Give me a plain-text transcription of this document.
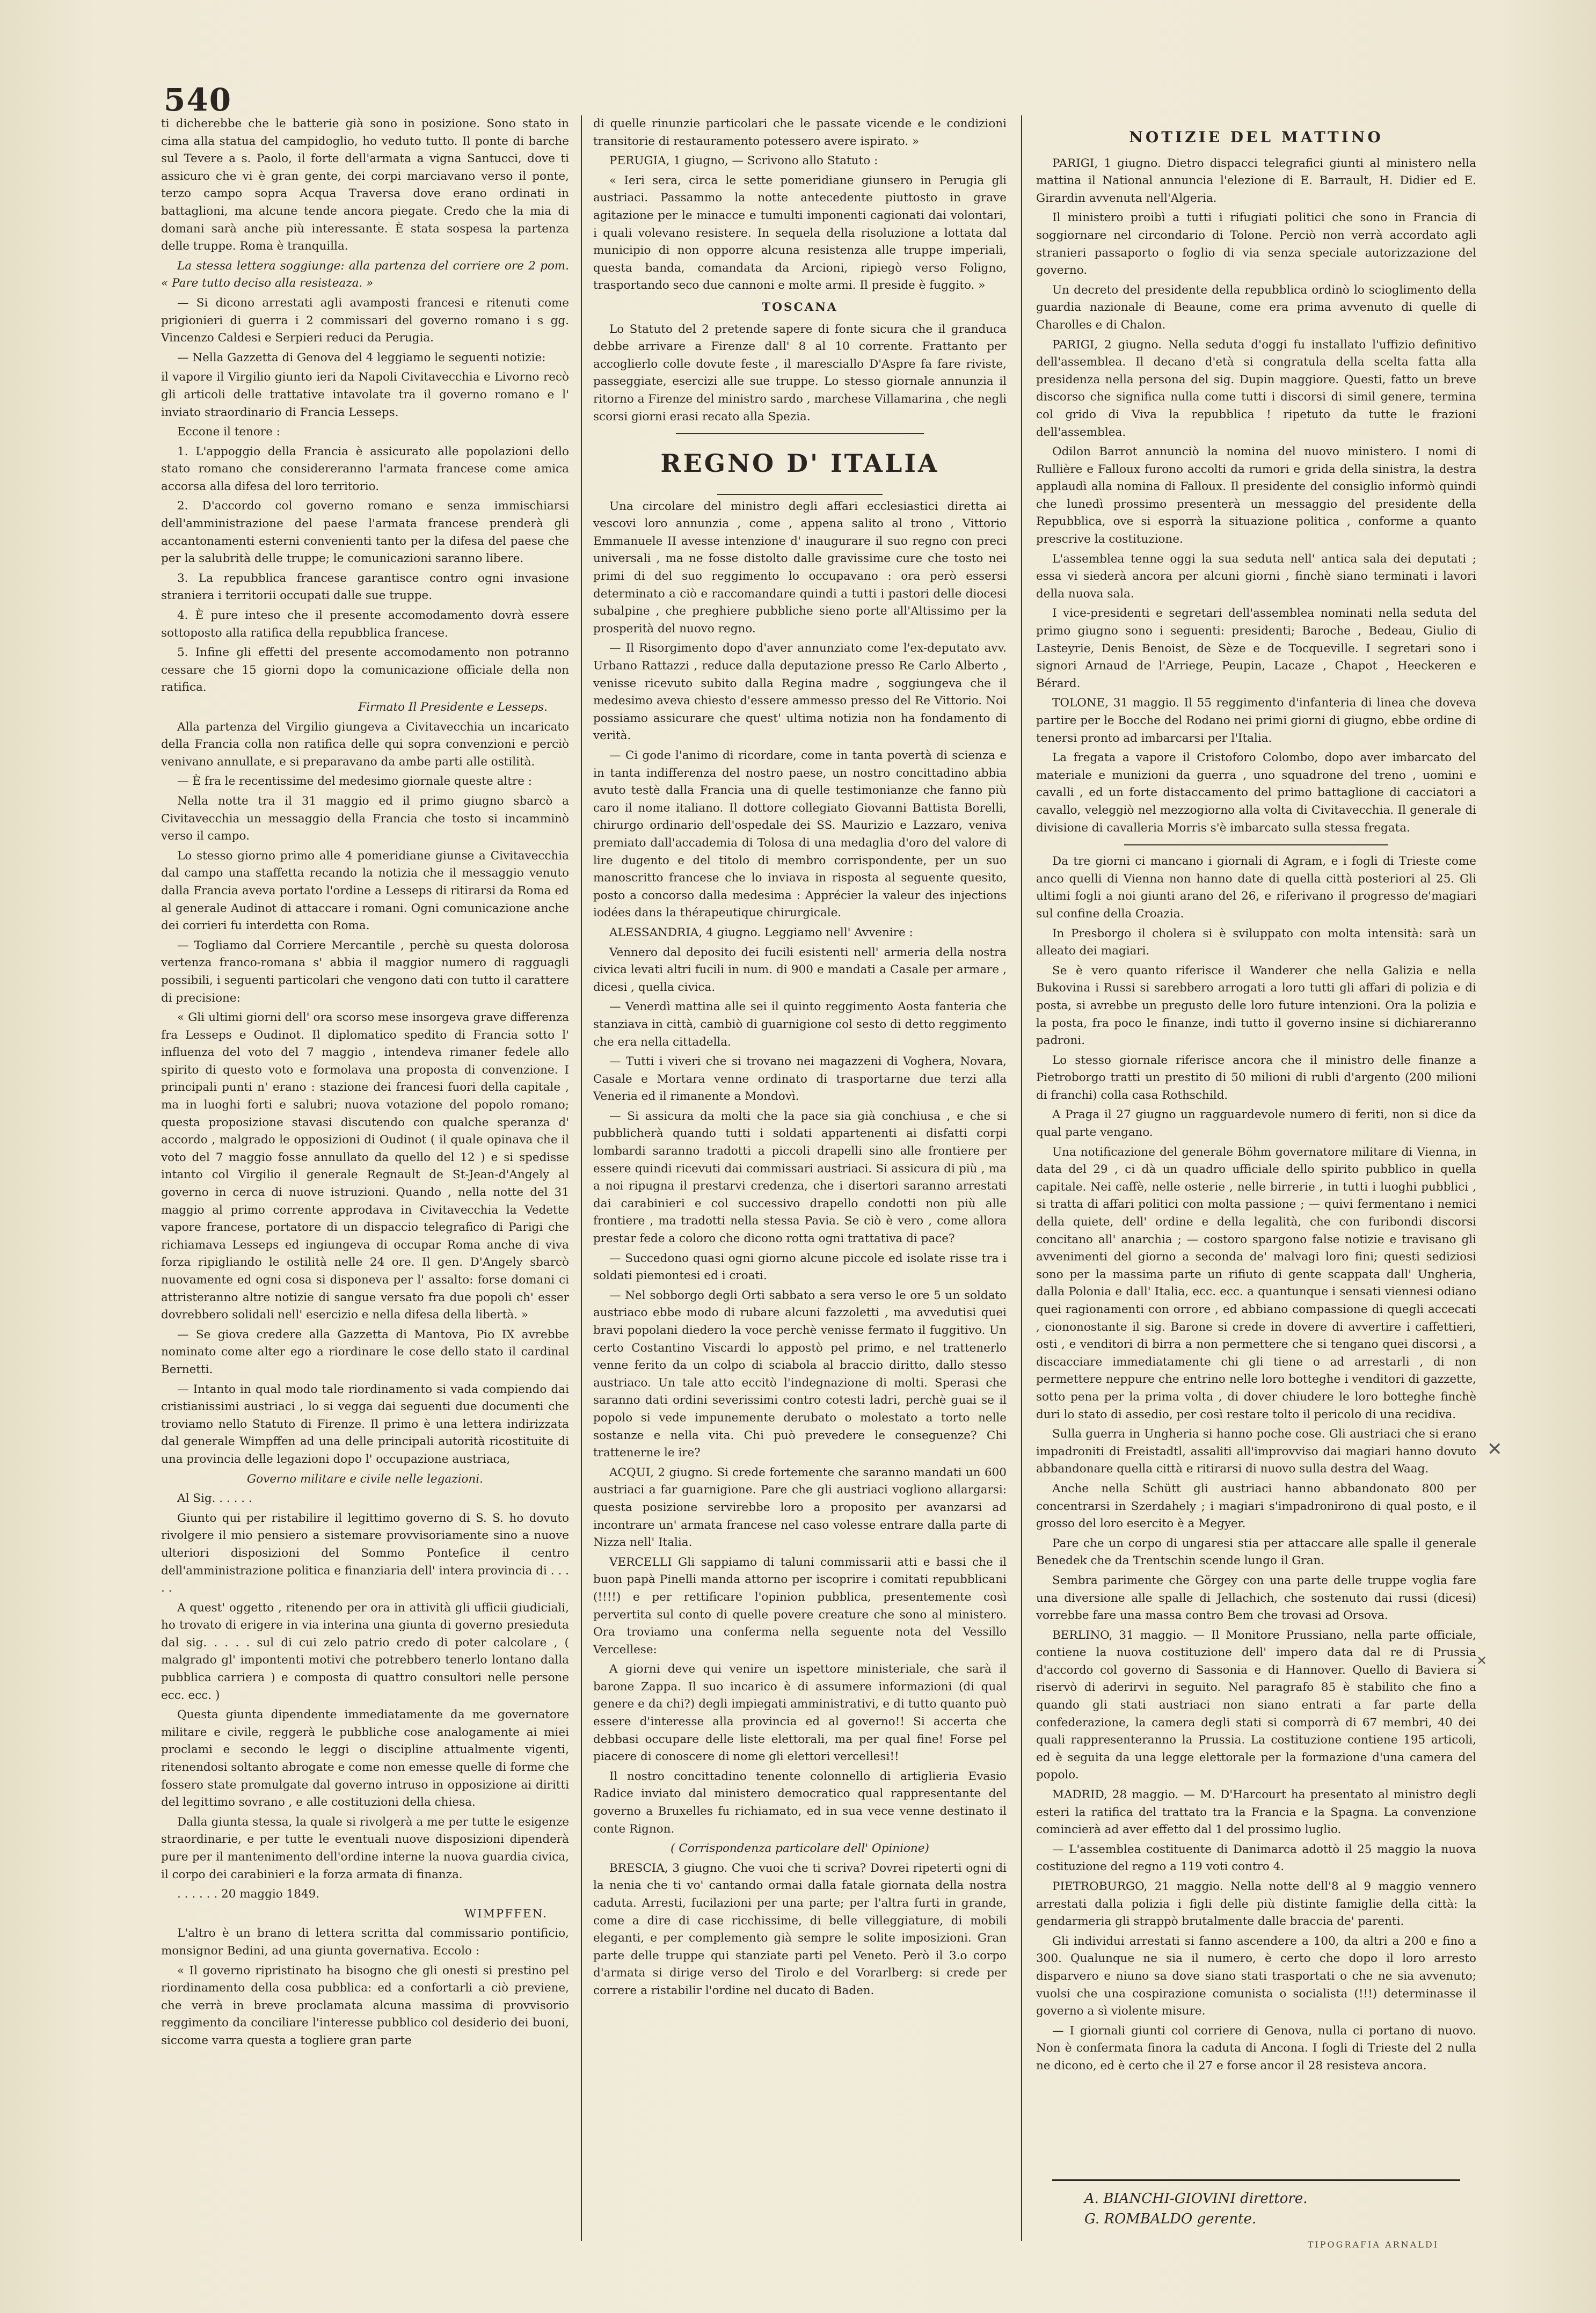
540

ti dicherebbe che le batterie già sono in posizione. Sono stato in cima alla statua del campidoglio, ho veduto tutto. Il ponte di barche sul Tevere a s. Paolo, il forte dell'armata a vigna Santucci, dove ti assicuro che vi è gran gente, dei corpi marciavano verso il ponte, terzo campo sopra Acqua Traversa dove erano ordinati in battaglioni, ma alcune tende ancora piegate. Credo che la mia di domani sarà anche più interessante. È stata sospesa la partenza delle truppe. Roma è tranquilla.

La stessa lettera soggiunge: alla partenza del corriere ore 2 pom. « Pare tutto deciso alla resisteaza. »

— Si dicono arrestati agli avamposti francesi e ritenuti come prigionieri di guerra i 2 commissari del governo romano i s gg. Vincenzo Caldesi e Serpieri reduci da Perugia.

— Nella Gazzetta di Genova del 4 leggiamo le seguenti notizie:

il vapore il Virgilio giunto ieri da Napoli Civitavecchia e Livorno recò gli articoli delle trattative intavolate tra il governo romano e l' inviato straordinario di Francia Lesseps.

Eccone il tenore :

1. L'appoggio della Francia è assicurato alle popolazioni dello stato romano che considereranno l'armata francese come amica accorsa alla difesa del loro territorio.

2. D'accordo col governo romano e senza immischiarsi dell'amministrazione del paese l'armata francese prenderà gli accantonamenti esterni convenienti tanto per la difesa del paese che per la salubrità delle truppe; le comunicazioni saranno libere.

3. La repubblica francese garantisce contro ogni invasione straniera i territorii occupati dalle sue truppe.

4. È pure inteso che il presente accomodamento dovrà essere sottoposto alla ratifica della repubblica francese.

5. Infine gli effetti del presente accomodamento non potranno cessare che 15 giorni dopo la comunicazione officiale della non ratifica.

Firmato Il Presidente e Lesseps.

Alla partenza del Virgilio giungeva a Civitavecchia un incaricato della Francia colla non ratifica delle qui sopra convenzioni e perciò venivano annullate, e si preparavano da ambe parti alle ostilità.

— È fra le recentissime del medesimo giornale queste altre :

Nella notte tra il 31 maggio ed il primo giugno sbarcò a Civitavecchia un messaggio della Francia che tosto si incamminò verso il campo.

Lo stesso giorno primo alle 4 pomeridiane giunse a Civitavecchia dal campo una staffetta recando la notizia che il messaggio venuto dalla Francia aveva portato l'ordine a Lesseps di ritirarsi da Roma ed al generale Audinot di attaccare i romani. Ogni comunicazione anche dei corrieri fu interdetta con Roma.

— Togliamo dal Corriere Mercantile , perchè su questa dolorosa vertenza franco-romana s' abbia il maggior numero di ragguagli possibili, i seguenti particolari che vengono dati con tutto il carattere di precisione:

« Gli ultimi giorni dell' ora scorso mese insorgeva grave differenza fra Lesseps e Oudinot. Il diplomatico spedito di Francia sotto l' influenza del voto del 7 maggio , intendeva rimaner fedele allo spirito di questo voto e formolava una proposta di convenzione. I principali punti n' erano : stazione dei francesi fuori della capitale , ma in luoghi forti e salubri; nuova votazione del popolo romano; questa proposizione stavasi discutendo con qualche speranza d' accordo , malgrado le opposizioni di Oudinot ( il quale opinava che il voto del 7 maggio fosse annullato da quello del 12 ) e si spedisse intanto col Virgilio il generale Regnault de St-Jean-d'Angely al governo in cerca di nuove istruzioni. Quando , nella notte del 31 maggio al primo corrente approdava in Civitavecchia la Vedette vapore francese, portatore di un dispaccio telegrafico di Parigi che richiamava Lesseps ed ingiungeva di occupar Roma anche di viva forza ripigliando le ostilità nelle 24 ore. Il gen. D'Angely sbarcò nuovamente ed ogni cosa si disponeva per l' assalto: forse domani ci attristeranno altre notizie di sangue versato fra due popoli ch' esser dovrebbero solidali nell' esercizio e nella difesa della libertà. »

— Se giova credere alla Gazzetta di Mantova, Pio IX avrebbe nominato come alter ego a riordinare le cose dello stato il cardinal Bernetti.

— Intanto in qual modo tale riordinamento si vada compiendo dai cristianissimi austriaci , lo si vegga dai seguenti due documenti che troviamo nello Statuto di Firenze. Il primo è una lettera indirizzata dal generale Wimpffen ad una delle principali autorità ricostituite di una provincia delle legazioni dopo l' occupazione austriaca,

Governo militare e civile nelle legazioni.

Al Sig. . . . . .

Giunto qui per ristabilire il legittimo governo di S. S. ho dovuto rivolgere il mio pensiero a sistemare provvisoriamente sino a nuove ulteriori disposizioni del Sommo Pontefice il centro dell'amministrazione politica e finanziaria dell' intera provincia di . . . . .

A quest' oggetto , ritenendo per ora in attività gli ufficii giudiciali, ho trovato di erigere in via interina una giunta di governo presieduta dal sig. . . . . sul di cui zelo patrio credo di poter calcolare , ( malgrado gl' impontenti motivi che potrebbero tenerlo lontano dalla pubblica carriera ) e composta di quattro consultori nelle persone ecc. ecc. )

Questa giunta dipendente immediatamente da me governatore militare e civile, reggerà le pubbliche cose analogamente ai miei proclami e secondo le leggi o discipline attualmente vigenti, ritenendosi soltanto abrogate e come non emesse quelle di forme che fossero state promulgate dal governo intruso in opposizione ai diritti del legittimo sovrano , e alle costituzioni della chiesa.

Dalla giunta stessa, la quale si rivolgerà a me per tutte le esigenze straordinarie, e per tutte le eventuali nuove disposizioni dipenderà pure per il mantenimento dell'ordine interne la nuova guardia civica, il corpo dei carabinieri e la forza armata di finanza.

. . . . . . 20 maggio 1849.

WIMPFFEN.

L'altro è un brano di lettera scritta dal commissario pontificio, monsignor Bedini, ad una giunta governativa. Eccolo :

« Il governo ripristinato ha bisogno che gli onesti si prestino pel riordinamento della cosa pubblica: ed a confortarli a ciò previene, che verrà in breve proclamata alcuna massima di provvisorio reggimento da conciliare l'interesse pubblico col desiderio dei buoni, siccome varra questa a togliere gran parte

di quelle rinunzie particolari che le passate vicende e le condizioni transitorie di restauramento potessero avere ispirato. »

PERUGIA, 1 giugno, — Scrivono allo Statuto :

« Ieri sera, circa le sette pomeridiane giunsero in Perugia gli austriaci. Passammo la notte antecedente piuttosto in grave agitazione per le minacce e tumulti imponenti cagionati dai volontari, i quali volevano resistere. In sequela della risoluzione a lottata dal municipio di non opporre alcuna resistenza alle truppe imperiali, questa banda, comandata da Arcioni, ripiegò verso Foligno, trasportando seco due cannoni e molte armi. Il preside è fuggito. »

TOSCANA

Lo Statuto del 2 pretende sapere di fonte sicura che il granduca debbe arrivare a Firenze dall' 8 al 10 corrente. Frattanto per accoglierlo colle dovute feste , il maresciallo D'Aspre fa fare riviste, passeggiate, esercizi alle sue truppe. Lo stesso giornale annunzia il ritorno a Firenze del ministro sardo , marchese Villamarina , che negli scorsi giorni erasi recato alla Spezia.

REGNO D' ITALIA

Una circolare del ministro degli affari ecclesiastici diretta ai vescovi loro annunzia , come , appena salito al trono , Vittorio Emmanuele II avesse intenzione d' inaugurare il suo regno con preci universali , ma ne fosse distolto dalle gravissime cure che tosto nei primi di del suo reggimento lo occupavano : ora però essersi determinato a ciò e raccomandare quindi a tutti i pastori delle diocesi subalpine , che preghiere pubbliche sieno porte all'Altissimo per la prosperità del nuovo regno.

— Il Risorgimento dopo d'aver annunziato come l'ex-deputato avv. Urbano Rattazzi , reduce dalla deputazione presso Re Carlo Alberto , venisse ricevuto subito dalla Regina madre , soggiungeva che il medesimo aveva chiesto d'essere ammesso presso del Re Vittorio. Noi possiamo assicurare che quest' ultima notizia non ha fondamento di verità.

— Ci gode l'animo di ricordare, come in tanta povertà di scienza e in tanta indifferenza del nostro paese, un nostro concittadino abbia avuto testè dalla Francia una di quelle testimonianze che fanno più caro il nome italiano. Il dottore collegiato Giovanni Battista Borelli, chirurgo ordinario dell'ospedale dei SS. Maurizio e Lazzaro, veniva premiato dall'accademia di Tolosa di una medaglia d'oro del valore di lire dugento e del titolo di membro corrispondente, per un suo manoscritto francese che lo inviava in risposta al seguente quesito, posto a concorso dalla medesima : Apprécier la valeur des injections iodées dans la thérapeutique chirurgicale.

ALESSANDRIA, 4 giugno. Leggiamo nell' Avvenire :

Vennero dal deposito dei fucili esistenti nell' armeria della nostra civica levati altri fucili in num. di 900 e mandati a Casale per armare , dicesi , quella civica.

— Venerdì mattina alle sei il quinto reggimento Aosta fanteria che stanziava in città, cambiò di guarnigione col sesto di detto reggimento che era nella cittadella.

— Tutti i viveri che si trovano nei magazzeni di Voghera, Novara, Casale e Mortara venne ordinato di trasportarne due terzi alla Veneria ed il rimanente a Mondovì.

— Si assicura da molti che la pace sia già conchiusa , e che si pubblicherà quando tutti i soldati appartenenti ai disfatti corpi lombardi saranno tradotti a piccoli drapelli sino alle frontiere per essere quindi ricevuti dai commissari austriaci. Si assicura di più , ma a noi ripugna il prestarvi credenza, che i disertori saranno arrestati dai carabinieri e col successivo drapello condotti non più alle frontiere , ma tradotti nella stessa Pavia. Se ciò è vero , come allora prestar fede a coloro che dicono rotta ogni trattativa di pace?

— Succedono quasi ogni giorno alcune piccole ed isolate risse tra i soldati piemontesi ed i croati.

— Nel sobborgo degli Orti sabbato a sera verso le ore 5 un soldato austriaco ebbe modo di rubare alcuni fazzoletti , ma avvedutisi quei bravi popolani diedero la voce perchè venisse fermato il fuggitivo. Un certo Costantino Viscardi lo appostò pel primo, e nel trattenerlo venne ferito da un colpo di sciabola al braccio diritto, dallo stesso austriaco. Un tale atto eccitò l'indegnazione di molti. Sperasi che saranno dati ordini severissimi contro cotesti ladri, perchè guai se il popolo si vede impunemente derubato o molestato a torto nelle sostanze e nella vita. Chi può prevedere le conseguenze? Chi trattenerne le ire?

ACQUI, 2 giugno. Si crede fortemente che saranno mandati un 600 austriaci a far guarnigione. Pare che gli austriaci vogliono allargarsi: questa posizione servirebbe loro a proposito per avanzarsi ad incontrare un' armata francese nel caso volesse entrare dalla parte di Nizza nell' Italia.

VERCELLI Gli sappiamo di taluni commissarii atti e bassi che il buon papà Pinelli manda attorno per iscoprire i comitati repubblicani (!!!!) e per rettificare l'opinion pubblica, presentemente così pervertita sul conto di quelle povere creature che sono al ministero. Ora troviamo una conferma nella seguente nota del Vessillo Vercellese:

A giorni deve qui venire un ispettore ministeriale, che sarà il barone Zappa. Il suo incarico è di assumere informazioni (di qual genere e da chi?) degli impiegati amministrativi, e di tutto quanto può essere d'interesse alla provincia ed al governo!! Si accerta che debbasi occupare delle liste elettorali, ma per qual fine! Forse pel piacere di conoscere di nome gli elettori vercellesi!!

Il nostro concittadino tenente colonnello di artiglieria Evasio Radice inviato dal ministero democratico qual rappresentante del governo a Bruxelles fu richiamato, ed in sua vece venne destinato il conte Rignon.

( Corrispondenza particolare dell' Opinione)

BRESCIA, 3 giugno. Che vuoi che ti scriva? Dovrei ripeterti ogni di la nenia che ti vo' cantando ormai dalla fatale giornata della nostra caduta. Arresti, fucilazioni per una parte; per l'altra furti in grande, come a dire di case ricchissime, di belle villeggiature, di mobili eleganti, e per complemento già sempre le solite imposizioni. Gran parte delle truppe qui stanziate parti pel Veneto. Però il 3.o corpo d'armata si dirige verso del Tirolo e del Vorarlberg: si crede per correre a ristabilir l'ordine nel ducato di Baden.

NOTIZIE DEL MATTINO

PARIGI, 1 giugno. Dietro dispacci telegrafici giunti al ministero nella mattina il National annuncia l'elezione di E. Barrault, H. Didier ed E. Girardin avvenuta nell'Algeria.

Il ministero proibì a tutti i rifugiati politici che sono in Francia di soggiornare nel circondario di Tolone. Perciò non verrà accordato agli stranieri passaporto o foglio di via senza speciale autorizzazione del governo.

Un decreto del presidente della repubblica ordinò lo scioglimento della guardia nazionale di Beaune, come era prima avvenuto di quelle di Charolles e di Chalon.

PARIGI, 2 giugno. Nella seduta d'oggi fu installato l'uffizio definitivo dell'assemblea. Il decano d'età si congratula della scelta fatta alla presidenza nella persona del sig. Dupin maggiore. Questi, fatto un breve discorso che significa nulla come tutti i discorsi di simil genere, termina col grido di Viva la repubblica ! ripetuto da tutte le frazioni dell'assemblea.

Odilon Barrot annunciò la nomina del nuovo ministero. I nomi di Rullière e Falloux furono accolti da rumori e grida della sinistra, la destra applaudì alla nomina di Falloux. Il presidente del consiglio informò quindi che lunedì prossimo presenterà un messaggio del presidente della Repubblica, ove si esporrà la situazione politica , conforme a quanto prescrive la costituzione.

L'assemblea tenne oggi la sua seduta nell' antica sala dei deputati ; essa vi siederà ancora per alcuni giorni , finchè siano terminati i lavori della nuova sala.

I vice-presidenti e segretari dell'assemblea nominati nella seduta del primo giugno sono i seguenti: presidenti; Baroche , Bedeau, Giulio di Lasteyrie, Denis Benoist, de Sèze e de Tocqueville. I segretari sono i signori Arnaud de l'Arriege, Peupin, Lacaze , Chapot , Heeckeren e Bérard.

TOLONE, 31 maggio. Il 55 reggimento d'infanteria di linea che doveva partire per le Bocche del Rodano nei primi giorni di giugno, ebbe ordine di tenersi pronto ad imbarcarsi per l'Italia.

La fregata a vapore il Cristoforo Colombo, dopo aver imbarcato del materiale e munizioni da guerra , uno squadrone del treno , uomini e cavalli , ed un forte distaccamento del primo battaglione di cacciatori a cavallo, veleggiò nel mezzogiorno alla volta di Civitavecchia. Il generale di divisione di cavalleria Morris s'è imbarcato sulla stessa fregata.

Da tre giorni ci mancano i giornali di Agram, e i fogli di Trieste come anco quelli di Vienna non hanno date di quella città posteriori al 25. Gli ultimi fogli a noi giunti arano del 26, e riferivano il progresso de'magiari sul confine della Croazia.

In Presborgo il cholera si è sviluppato con molta intensità: sarà un alleato dei magiari.

Se è vero quanto riferisce il Wanderer che nella Galizia e nella Bukovina i Russi si sarebbero arrogati a loro tutti gli affari di polizia e di posta, si avrebbe un pregusto delle loro future intenzioni. Ora la polizia e la posta, fra poco le finanze, indi tutto il governo insine si dichiareranno padroni.

Lo stesso giornale riferisce ancora che il ministro delle finanze a Pietroborgo tratti un prestito di 50 milioni di rubli d'argento (200 milioni di franchi) colla casa Rothschild.

A Praga il 27 giugno un ragguardevole numero di feriti, non si dice da qual parte vengano.

Una notificazione del generale Böhm governatore militare di Vienna, in data del 29 , ci dà un quadro ufficiale dello spirito pubblico in quella capitale. Nei caffè, nelle osterie , nelle birrerie , in tutti i luoghi pubblici , si tratta di affari politici con molta passione ; — quivi fermentano i nemici della quiete, dell' ordine e della legalità, che con furibondi discorsi concitano all' anarchia ; — costoro spargono false notizie e travisano gli avvenimenti del giorno a seconda de' malvagi loro fini; questi sediziosi sono per la massima parte un rifiuto di gente scappata dall' Ungheria, dalla Polonia e dall' Italia, ecc. ecc. a quantunque i sensati viennesi odiano quei ragionamenti con orrore , ed abbiano compassione di quegli accecati , ciononostante il sig. Barone si crede in dovere di avvertire i caffettieri, osti , e venditori di birra a non permettere che si tengano quei discorsi , a discacciare immediatamente chi gli tiene o ad arrestarli , di non permettere neppure che entrino nelle loro botteghe i venditori di gazzette, sotto pena per la prima volta , di dover chiudere le loro botteghe finchè duri lo stato di assedio, per così restare tolto il pericolo di una recidiva.

Sulla guerra in Ungheria si hanno poche cose. Gli austriaci che si erano impadroniti di Freistadtl, assaliti all'improvviso dai magiari hanno dovuto abbandonare quella città e ritirarsi di nuovo sulla destra del Waag.

Anche nella Schütt gli austriaci hanno abbandonato 800 per concentrarsi in Szerdahely ; i magiari s'impadronirono di qual posto, e il grosso del loro esercito è a Megyer.

Pare che un corpo di ungaresi stia per attaccare alle spalle il generale Benedek che da Trentschin scende lungo il Gran.

Sembra parimente che Görgey con una parte delle truppe voglia fare una diversione alle spalle di Jellachich, che sostenuto dai russi (dicesi) vorrebbe fare una massa contro Bem che trovasi ad Orsova.

BERLINO, 31 maggio. — Il Monitore Prussiano, nella parte officiale, contiene la nuova costituzione dell' impero data dal re di Prussia d'accordo col governo di Sassonia e di Hannover. Quello di Baviera si riservò di aderirvi in seguito. Nel paragrafo 85 è stabilito che fino a quando gli stati austriaci non siano entrati a far parte della confederazione, la camera degli stati si comporrà di 67 membri, 40 dei quali rappresenteranno la Prussia. La costituzione contiene 195 articoli, ed è seguita da una legge elettorale per la formazione d'una camera del popolo.

MADRID, 28 maggio. — M. D'Harcourt ha presentato al ministro degli esteri la ratifica del trattato tra la Francia e la Spagna. La convenzione comincierà ad aver effetto dal 1 del prossimo luglio.

— L'assemblea costituente di Danimarca adottò il 25 maggio la nuova costituzione del regno a 119 voti contro 4.

PIETROBURGO, 21 maggio. Nella notte dell'8 al 9 maggio vennero arrestati dalla polizia i figli delle più distinte famiglie della città: la gendarmeria gli strappò brutalmente dalle braccia de' parenti.

Gli individui arrestati si fanno ascendere a 100, da altri a 200 e fino a 300. Qualunque ne sia il numero, è certo che dopo il loro arresto disparvero e niuno sa dove siano stati trasportati o che ne sia avvenuto; vuolsi che una cospirazione comunista o socialista (!!!) determinasse il governo a sì violente misure.

— I giornali giunti col corriere di Genova, nulla ci portano di nuovo. Non è confermata finora la caduta di Ancona. I fogli di Trieste del 2 nulla ne dicono, ed è certo che il 27 e forse ancor il 28 resisteva ancora.

A. BIANCHI-GIOVINI direttore.
G. ROMBALDO gerente.
TIPOGRAFIA ARNALDI
✕
✕
